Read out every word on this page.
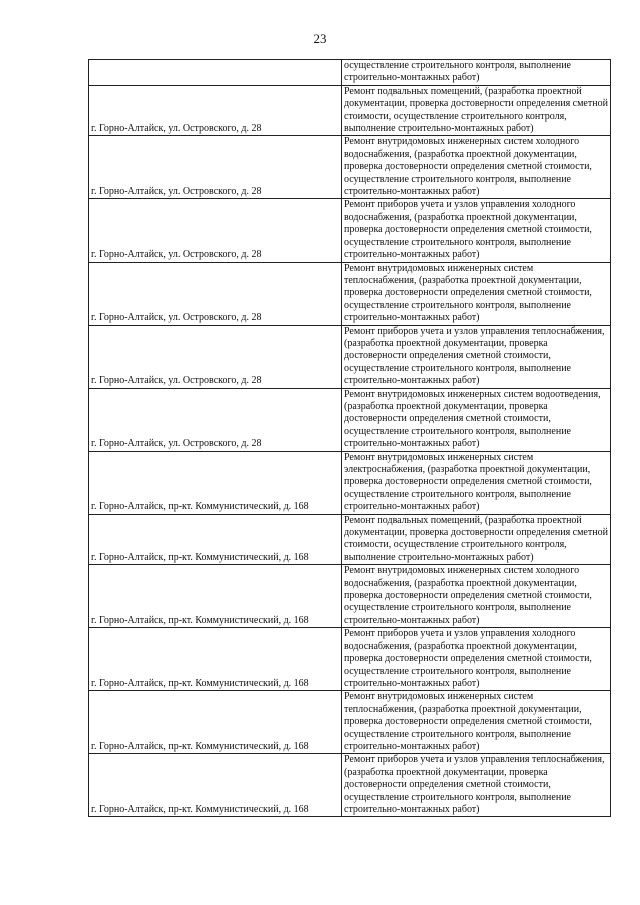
23
	осуществление строительного контроля, выполнение строительно-монтажных работ)
г. Горно-Алтайск, ул. Островского, д. 28	Ремонт подвальных помещений, (разработка проектной документации, проверка достоверности определения сметной стоимости, осуществление строительного контроля, выполнение строительно-монтажных работ)
г. Горно-Алтайск, ул. Островского, д. 28	Ремонт внутридомовых инженерных систем холодного водоснабжения, (разработка проектной документации, проверка достоверности определения сметной стоимости, осуществление строительного контроля, выполнение строительно-монтажных работ)
г. Горно-Алтайск, ул. Островского, д. 28	Ремонт приборов учета и узлов управления холодного водоснабжения, (разработка проектной документации, проверка достоверности определения сметной стоимости, осуществление строительного контроля, выполнение строительно-монтажных работ)
г. Горно-Алтайск, ул. Островского, д. 28	Ремонт внутридомовых инженерных систем теплоснабжения, (разработка проектной документации, проверка достоверности определения сметной стоимости, осуществление строительного контроля, выполнение строительно-монтажных работ)
г. Горно-Алтайск, ул. Островского, д. 28	Ремонт приборов учета и узлов управления теплоснабжения, (разработка проектной документации, проверка достоверности определения сметной стоимости, осуществление строительного контроля, выполнение строительно-монтажных работ)
г. Горно-Алтайск, ул. Островского, д. 28	Ремонт внутридомовых инженерных систем водоотведения, (разработка проектной документации, проверка достоверности определения сметной стоимости, осуществление строительного контроля, выполнение строительно-монтажных работ)
г. Горно-Алтайск, пр-кт. Коммунистический, д. 168	Ремонт внутридомовых инженерных систем электроснабжения, (разработка проектной документации, проверка достоверности определения сметной стоимости, осуществление строительного контроля, выполнение строительно-монтажных работ)
г. Горно-Алтайск, пр-кт. Коммунистический, д. 168	Ремонт подвальных помещений, (разработка проектной документации, проверка достоверности определения сметной стоимости, осуществление строительного контроля, выполнение строительно-монтажных работ)
г. Горно-Алтайск, пр-кт. Коммунистический, д. 168	Ремонт внутридомовых инженерных систем холодного водоснабжения, (разработка проектной документации, проверка достоверности определения сметной стоимости, осуществление строительного контроля, выполнение строительно-монтажных работ)
г. Горно-Алтайск, пр-кт. Коммунистический, д. 168	Ремонт приборов учета и узлов управления холодного водоснабжения, (разработка проектной документации, проверка достоверности определения сметной стоимости, осуществление строительного контроля, выполнение строительно-монтажных работ)
г. Горно-Алтайск, пр-кт. Коммунистический, д. 168	Ремонт внутридомовых инженерных систем теплоснабжения, (разработка проектной документации, проверка достоверности определения сметной стоимости, осуществление строительного контроля, выполнение строительно-монтажных работ)
г. Горно-Алтайск, пр-кт. Коммунистический, д. 168	Ремонт приборов учета и узлов управления теплоснабжения, (разработка проектной документации, проверка достоверности определения сметной стоимости, осуществление строительного контроля, выполнение строительно-монтажных работ)
